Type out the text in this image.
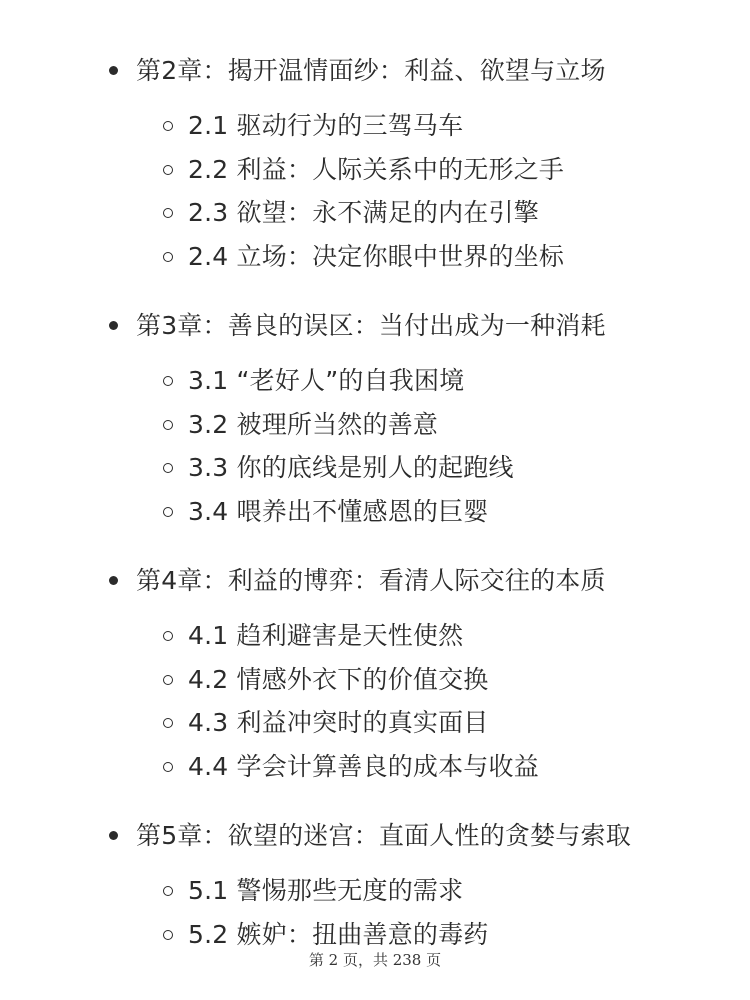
第2章：揭开温情面纱：利益、欲望与立场
2.1 驱动行为的三驾马车
2.2 利益：人际关系中的无形之手
2.3 欲望：永不满足的内在引擎
2.4 立场：决定你眼中世界的坐标
第3章：善良的误区：当付出成为一种消耗
3.1 “老好人”的自我困境
3.2 被理所当然的善意
3.3 你的底线是别人的起跑线
3.4 喂养出不懂感恩的巨婴
第4章：利益的博弈：看清人际交往的本质
4.1 趋利避害是天性使然
4.2 情感外衣下的价值交换
4.3 利益冲突时的真实面目
4.4 学会计算善良的成本与收益
第5章：欲望的迷宫：直面人性的贪婪与索取
5.1 警惕那些无度的需求
5.2 嫉妒：扭曲善意的毒药
第 2 页，共 238 页
